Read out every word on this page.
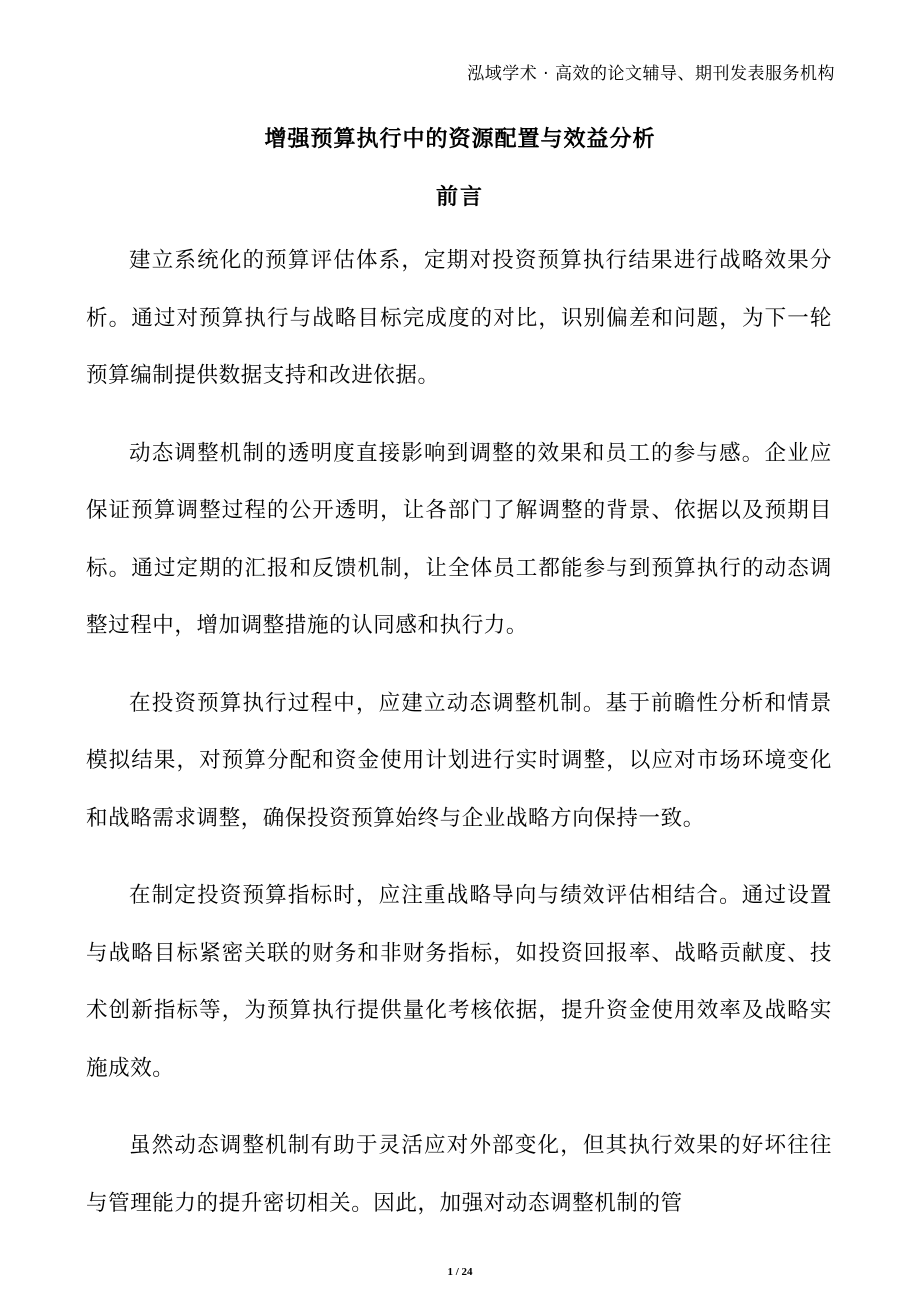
泓域学术 · 高效的论文辅导、期刊发表服务机构
增强预算执行中的资源配置与效益分析
前言

建立系统化的预算评估体系，定期对投资预算执行结果进行战略效果分析。通过对预算执行与战略目标完成度的对比，识别偏差和问题，为下一轮预算编制提供数据支持和改进依据。

动态调整机制的透明度直接影响到调整的效果和员工的参与感。企业应保证预算调整过程的公开透明，让各部门了解调整的背景、依据以及预期目标。通过定期的汇报和反馈机制，让全体员工都能参与到预算执行的动态调整过程中，增加调整措施的认同感和执行力。

在投资预算执行过程中，应建立动态调整机制。基于前瞻性分析和情景模拟结果，对预算分配和资金使用计划进行实时调整，以应对市场环境变化和战略需求调整，确保投资预算始终与企业战略方向保持一致。

在制定投资预算指标时，应注重战略导向与绩效评估相结合。通过设置与战略目标紧密关联的财务和非财务指标，如投资回报率、战略贡献度、技术创新指标等，为预算执行提供量化考核依据，提升资金使用效率及战略实施成效。

虽然动态调整机制有助于灵活应对外部变化，但其执行效果的好坏往往与管理能力的提升密切相关。因此，加强对动态调整机制的管

1 / 24
